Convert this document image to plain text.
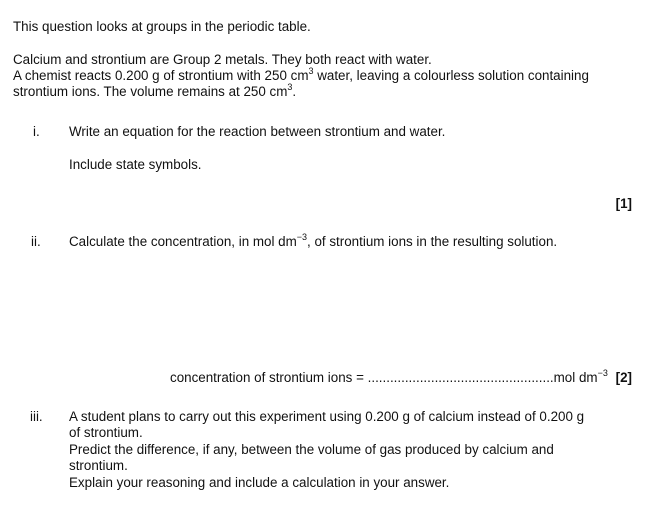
This question looks at groups in the periodic table.
Calcium and strontium are Group 2 metals. They both react with water.
A chemist reacts 0.200 g of strontium with 250 $cm^3$ water, leaving a colourless solution containing
strontium ions. The volume remains at 250 $cm^3$.
i. Write an equation for the reaction between strontium and water.
Include state symbols.
[1]
ii. Calculate the concentration, in mol $dm^{-3}$, of strontium ions in the resulting solution.
concentration of strontium ions = ..................................................mol $dm^{-3}$ [2]
iii. A student plans to carry out this experiment using 0.200 g of calcium instead of 0.200 g
of strontium.
Predict the difference, if any, between the volume of gas produced by calcium and
strontium.
Explain your reasoning and include a calculation in your answer.
